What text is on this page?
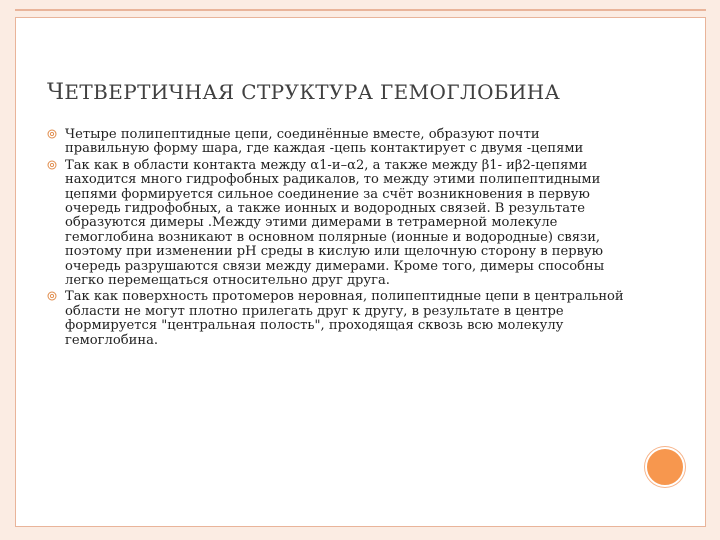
ЧЕТВЕРТИЧНАЯ СТРУКТУРА ГЕМОГЛОБИНА
Четыре полипептидные цепи, соединённые вместе, образуют почти правильную форму шара, где каждая -цепь контактирует с двумя -цепями
Так как в области контакта между α1-и–α2, а также между β1- иβ2-цепями находится много гидрофобных радикалов, то между этими полипептидными цепями формируется сильное соединение за счёт возникновения в первую очередь гидрофобных, а также ионных и водородных связей. В результате образуются димеры .Между этими димерами в тетрамерной молекуле гемоглобина возникают в основном полярные (ионные и водородные) связи, поэтому при изменении рН среды в кислую или щелочную сторону в первую очередь разрушаются связи между димерами. Кроме того, димеры способны легко перемещаться относительно друг друга.
Так как поверхность протомеров неровная, полипептидные цепи в центральной области не могут плотно прилегать друг к другу, в результате в центре формируется "центральная полость", проходящая сквозь всю молекулу гемоглобина.
